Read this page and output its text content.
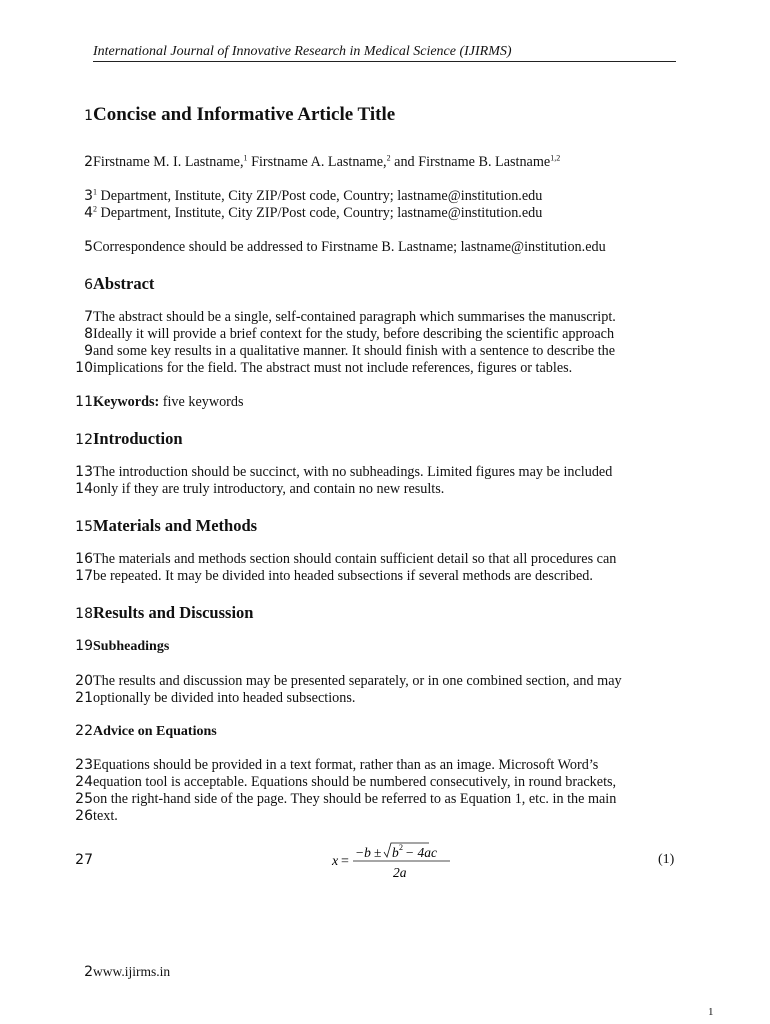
International Journal of Innovative Research in Medical Science (IJIRMS)
1 Concise and Informative Article Title
2 Firstname M. I. Lastname,$^1$ Firstname A. Lastname,$^2$ and Firstname B. Lastname$^{1,2}$
3 $^1$ Department, Institute, City ZIP/Post code, Country; lastname@institution.edu
4 $^2$ Department, Institute, City ZIP/Post code, Country; lastname@institution.edu
5 Correspondence should be addressed to Firstname B. Lastname; lastname@institution.edu
6 Abstract
7 The abstract should be a single, self-contained paragraph which summarises the manuscript.
8 Ideally it will provide a brief context for the study, before describing the scientific approach
9 and some key results in a qualitative manner. It should finish with a sentence to describe the
10 implications for the field. The abstract must not include references, figures or tables.
11 Keywords: five keywords
12 Introduction
13 The introduction should be succinct, with no subheadings. Limited figures may be included
14 only if they are truly introductory, and contain no new results.
15 Materials and Methods
16 The materials and methods section should contain sufficient detail so that all procedures can
17 be repeated. It may be divided into headed subsections if several methods are described.
18 Results and Discussion
19 Subheadings
20 The results and discussion may be presented separately, or in one combined section, and may
21 optionally be divided into headed subsections.
22 Advice on Equations
23 Equations should be provided in a text format, rather than as an image. Microsoft Word’s
24 equation tool is acceptable. Equations should be numbered consecutively, in round brackets,
25 on the right-hand side of the page. They should be referred to as Equation 1, etc. in the main
26 text.
27	x =
−b ± b 2 − 4ac
2a
(1)
2 www.ijirms.in
1
